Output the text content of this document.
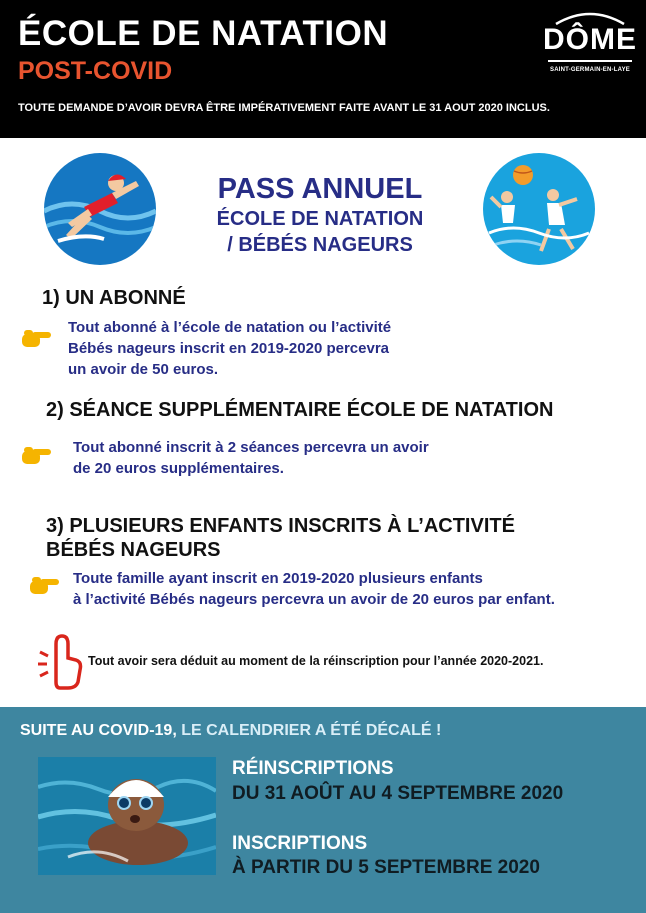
ÉCOLE DE NATATION
POST-COVID
TOUTE DEMANDE D’AVOIR DEVRA ÊTRE IMPÉRATIVEMENT FAITE AVANT LE 31 AOUT 2020 INCLUS.
DÔME
SAINT-GERMAIN-EN-LAYE
PASS ANNUEL
ÉCOLE DE NATATION
/ BÉBÉS NAGEURS
1) UN ABONNÉ
Tout abonné à l’école de natation ou l’activité
Bébés nageurs inscrit en 2019-2020 percevra
un avoir de 50 euros.
2) SÉANCE SUPPLÉMENTAIRE ÉCOLE DE NATATION
Tout abonné inscrit à 2 séances percevra un avoir
de 20 euros supplémentaires.
3) PLUSIEURS ENFANTS INSCRITS À L’ACTIVITÉ
BÉBÉS NAGEURS
Toute famille ayant inscrit en 2019-2020 plusieurs enfants
à l’activité Bébés nageurs percevra un avoir de 20 euros par enfant.
Tout avoir sera déduit au moment de la réinscription pour l’année 2020-2021.
SUITE AU COVID-19, LE CALENDRIER A ÉTÉ DÉCALÉ !
RÉINSCRIPTIONS
DU 31 AOÛT AU 4 SEPTEMBRE 2020
INSCRIPTIONS
À PARTIR DU 5 SEPTEMBRE 2020
